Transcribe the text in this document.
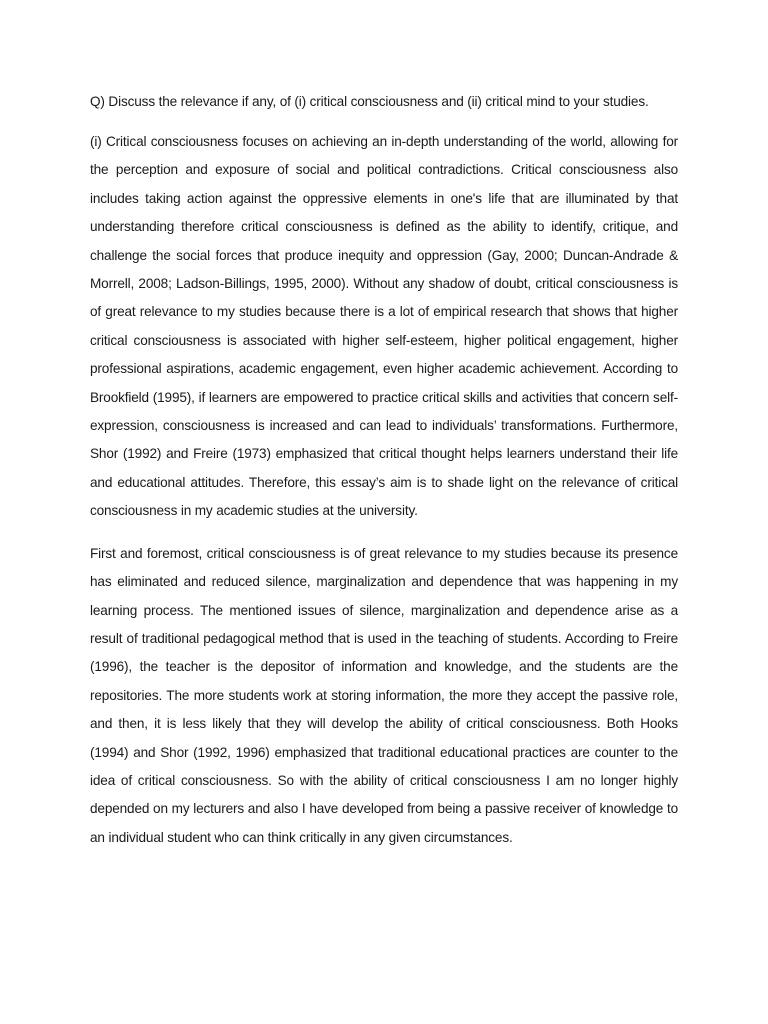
Q) Discuss the relevance if any, of (i) critical consciousness and (ii) critical mind to your studies.

(i) Critical consciousness focuses on achieving an in-depth understanding of the world, allowing for the perception and exposure of social and political contradictions. Critical consciousness also includes taking action against the oppressive elements in one's life that are illuminated by that understanding therefore critical consciousness is defined as the ability to identify, critique, and challenge the social forces that produce inequity and oppression (Gay, 2000; Duncan-Andrade & Morrell, 2008; Ladson-Billings, 1995, 2000). Without any shadow of doubt, critical consciousness is of great relevance to my studies because there is a lot of empirical research that shows that higher critical consciousness is associated with higher self-esteem, higher political engagement, higher professional aspirations, academic engagement, even higher academic achievement. According to Brookfield (1995), if learners are empowered to practice critical skills and activities that concern self-expression, consciousness is increased and can lead to individuals’ transformations. Furthermore, Shor (1992) and Freire (1973) emphasized that critical thought helps learners understand their life and educational attitudes. Therefore, this essay’s aim is to shade light on the relevance of critical consciousness in my academic studies at the university.

First and foremost, critical consciousness is of great relevance to my studies because its presence has eliminated and reduced silence, marginalization and dependence that was happening in my learning process. The mentioned issues of silence, marginalization and dependence arise as a result of traditional pedagogical method that is used in the teaching of students. According to Freire (1996), the teacher is the depositor of information and knowledge, and the students are the repositories. The more students work at storing information, the more they accept the passive role, and then, it is less likely that they will develop the ability of critical consciousness. Both Hooks (1994) and Shor (1992, 1996) emphasized that traditional educational practices are counter to the idea of critical consciousness. So with the ability of critical consciousness I am no longer highly depended on my lecturers and also I have developed from being a passive receiver of knowledge to an individual student who can think critically in any given circumstances.
